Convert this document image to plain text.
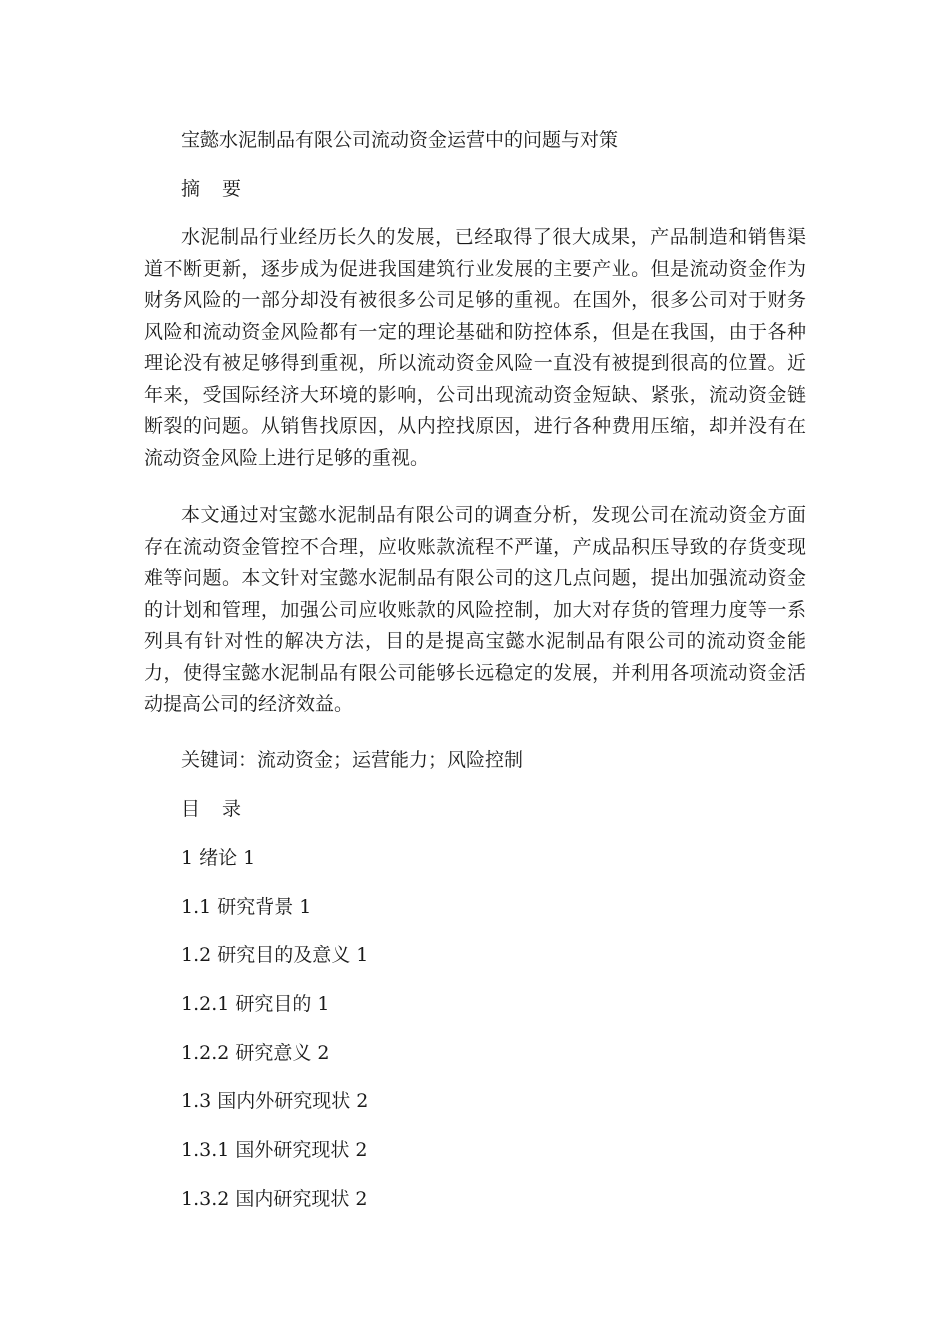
宝懿水泥制品有限公司流动资金运营中的问题与对策
摘 要

水泥制品行业经历长久的发展，已经取得了很大成果，产品制造和销售渠道不断更新，逐步成为促进我国建筑行业发展的主要产业。但是流动资金作为财务风险的一部分却没有被很多公司足够的重视。在国外，很多公司对于财务风险和流动资金风险都有一定的理论基础和防控体系，但是在我国，由于各种理论没有被足够得到重视，所以流动资金风险一直没有被提到很高的位置。近年来，受国际经济大环境的影响，公司出现流动资金短缺、紧张，流动资金链断裂的问题。从销售找原因，从内控找原因，进行各种费用压缩，却并没有在流动资金风险上进行足够的重视。

本文通过对宝懿水泥制品有限公司的调查分析，发现公司在流动资金方面存在流动资金管控不合理，应收账款流程不严谨，产成品积压导致的存货变现难等问题。本文针对宝懿水泥制品有限公司的这几点问题，提出加强流动资金的计划和管理，加强公司应收账款的风险控制，加大对存货的管理力度等一系列具有针对性的解决方法，目的是提高宝懿水泥制品有限公司的流动资金能力，使得宝懿水泥制品有限公司能够长远稳定的发展，并利用各项流动资金活动提高公司的经济效益。

关键词：流动资金；运营能力；风险控制
目 录
1 绪论 1
1.1 研究背景 1
1.2 研究目的及意义 1
1.2.1 研究目的 1
1.2.2 研究意义 2
1.3 国内外研究现状 2
1.3.1 国外研究现状 2
1.3.2 国内研究现状 2
